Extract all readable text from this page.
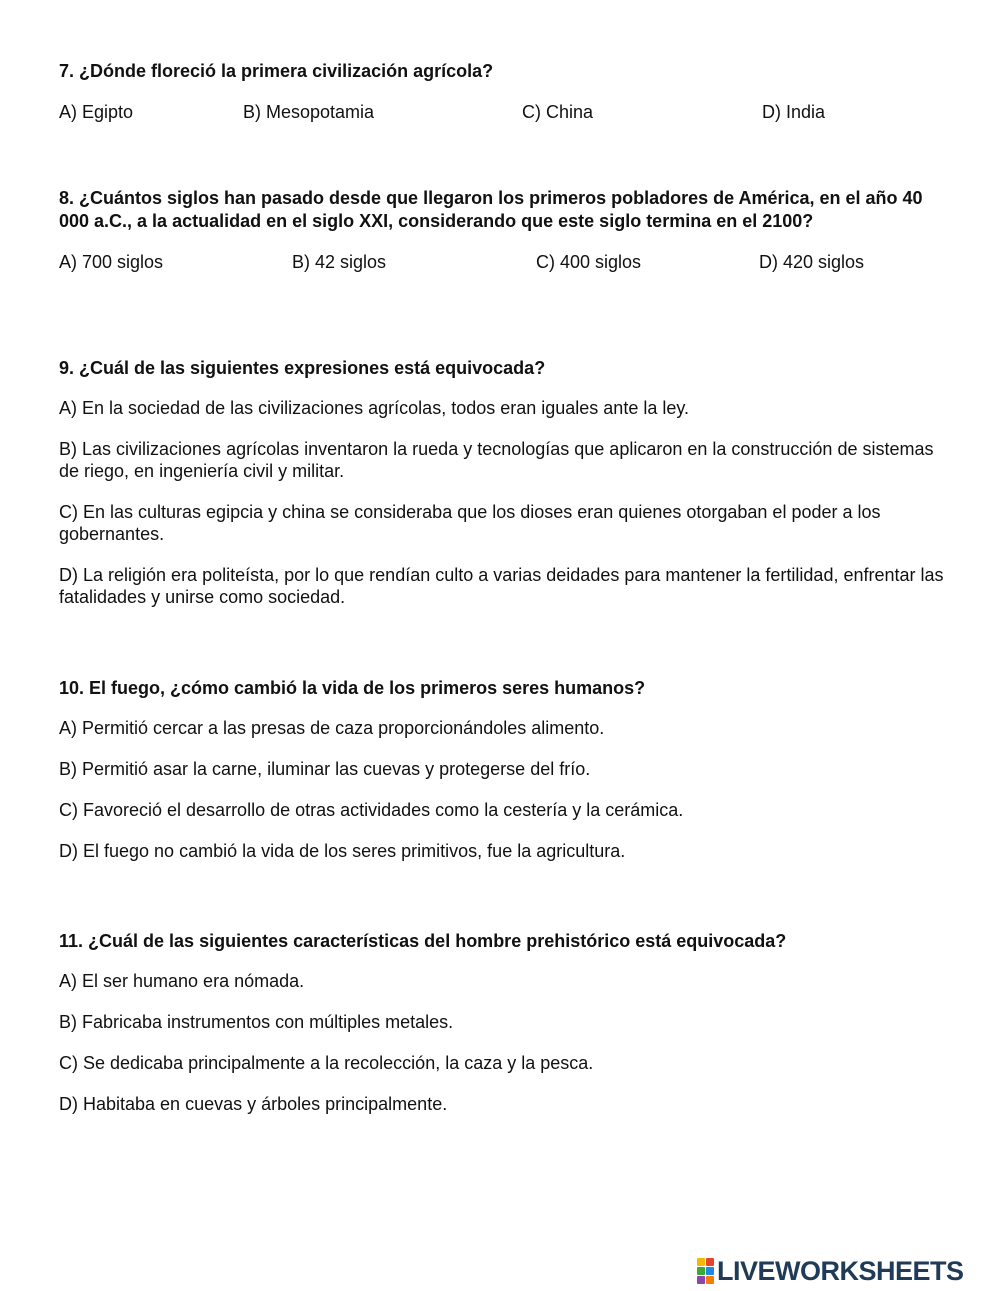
7. ¿Dónde floreció la primera civilización agrícola?

A) Egipto	B) Mesopotamia	C) China	D) India

8. ¿Cuántos siglos han pasado desde que llegaron los primeros pobladores de América, en el año 40 000 a.C., a la actualidad en el siglo XXI, considerando que este siglo termina en el 2100?

A) 700 siglos	B) 42 siglos	C) 400 siglos	D) 420 siglos

9. ¿Cuál de las siguientes expresiones está equivocada?

A) En la sociedad de las civilizaciones agrícolas, todos eran iguales ante la ley.
B) Las civilizaciones agrícolas inventaron la rueda y tecnologías que aplicaron en la construcción de sistemas de riego, en ingeniería civil y militar.
C) En las culturas egipcia y china se consideraba que los dioses eran quienes otorgaban el poder a los gobernantes.
D) La religión era politeísta, por lo que rendían culto a varias deidades para mantener la fertilidad, enfrentar las fatalidades y unirse como sociedad.

10. El fuego, ¿cómo cambió la vida de los primeros seres humanos?

A) Permitió cercar a las presas de caza proporcionándoles alimento.
B) Permitió asar la carne, iluminar las cuevas y protegerse del frío.
C) Favoreció el desarrollo de otras actividades como la cestería y la cerámica.
D) El fuego no cambió la vida de los seres primitivos, fue la agricultura.

11. ¿Cuál de las siguientes características del hombre prehistórico está equivocada?

A) El ser humano era nómada.
B) Fabricaba instrumentos con múltiples metales.
C) Se dedicaba principalmente a la recolección, la caza y la pesca.
D) Habitaba en cuevas y árboles principalmente.
LIVEWORKSHEETS
